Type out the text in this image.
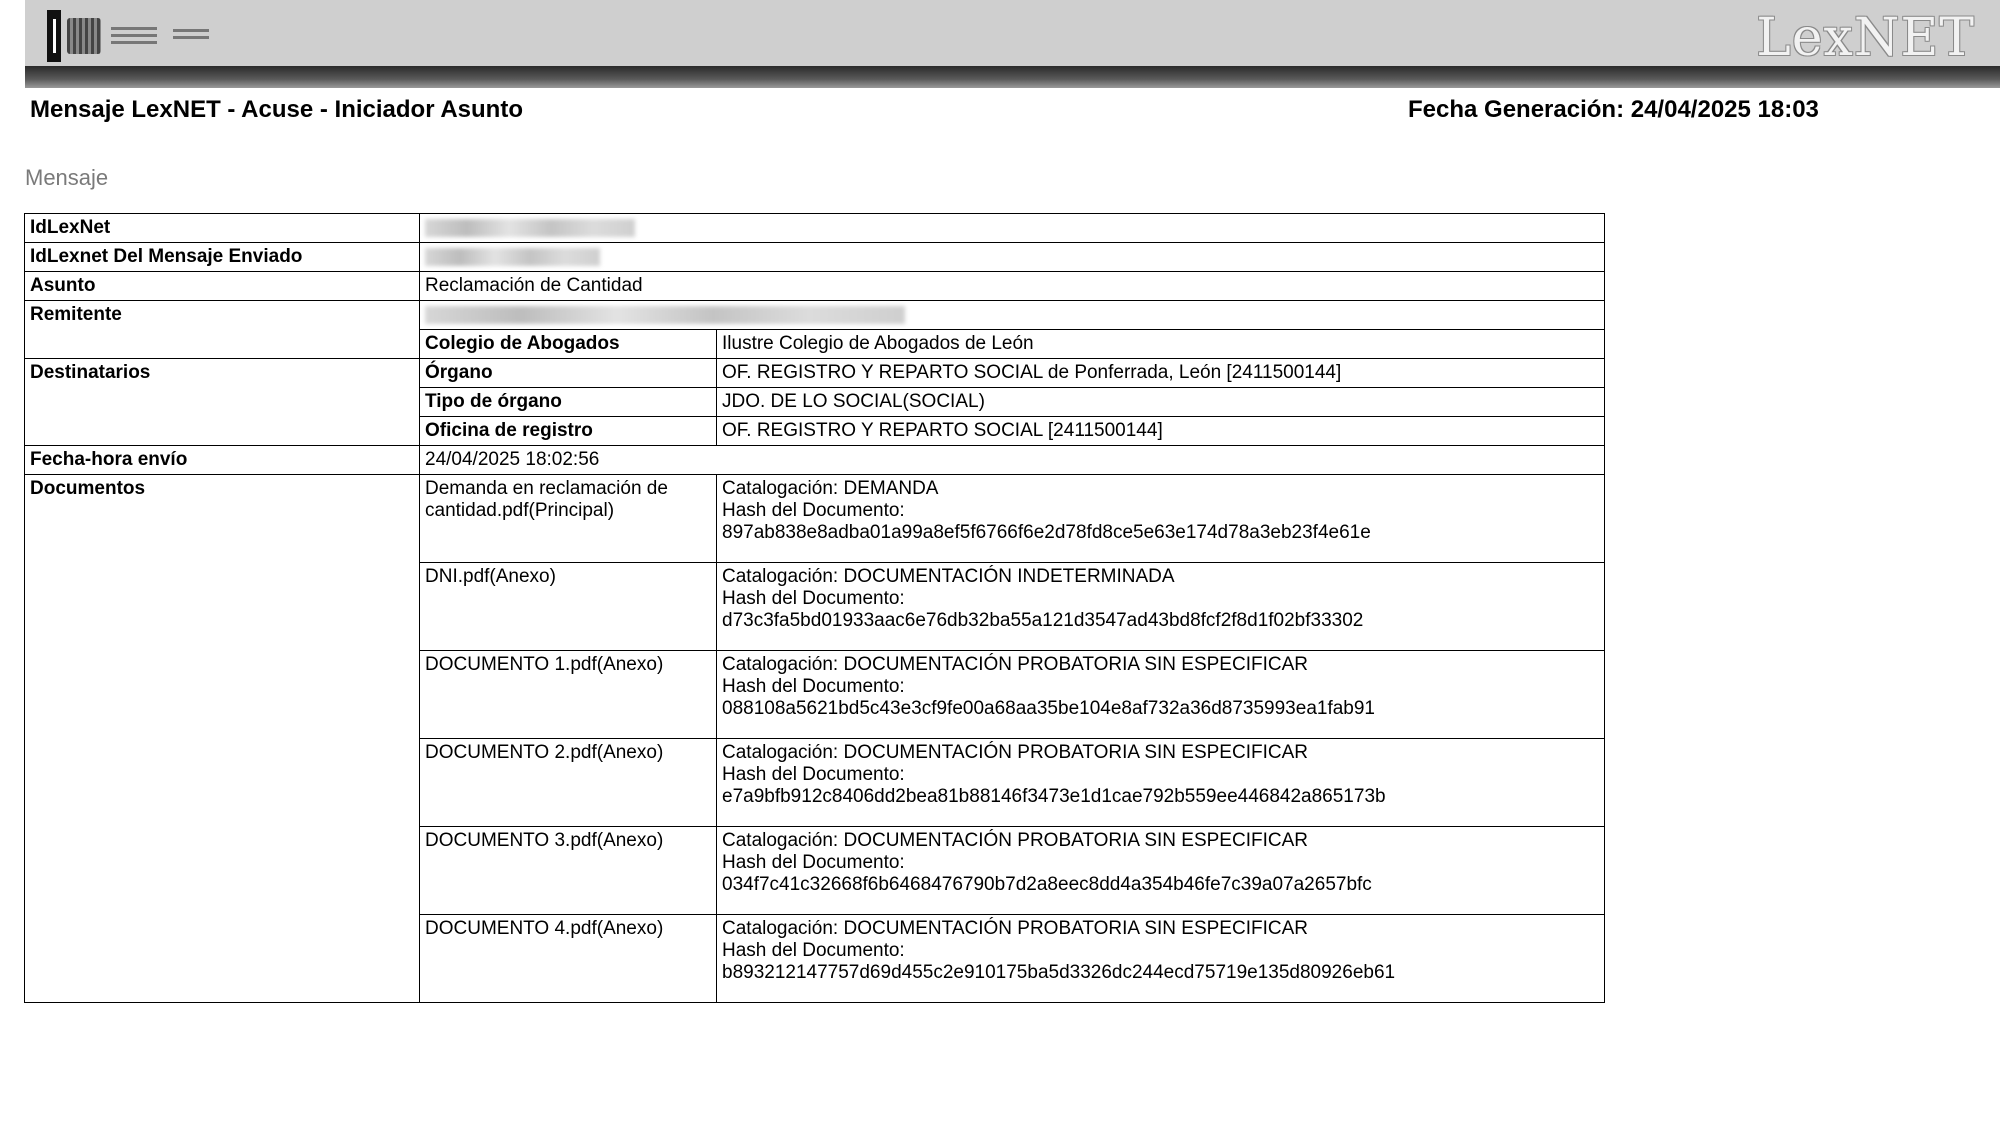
LexNET
Mensaje LexNET - Acuse - Iniciador Asunto	Fecha Generación: 24/04/2025 18:03
Mensaje
IdLexNet		
IdLexnet Del Mensaje Enviado		
Asunto	Reclamación de Cantidad	
Remitente		
	Colegio de Abogados	Ilustre Colegio de Abogados de León
Destinatarios	Órgano	OF. REGISTRO Y REPARTO SOCIAL de Ponferrada, León [2411500144]
	Tipo de órgano	JDO. DE LO SOCIAL(SOCIAL)
	Oficina de registro	OF. REGISTRO Y REPARTO SOCIAL [2411500144]
Fecha-hora envío	24/04/2025 18:02:56	
Documentos	Demanda en reclamación de cantidad.pdf(Principal)	Catalogación: DEMANDA
Hash del Documento:
897ab838e8adba01a99a8ef5f6766f6e2d78fd8ce5e63e174d78a3eb23f4e61e

	DNI.pdf(Anexo)	Catalogación: DOCUMENTACIÓN INDETERMINADA
Hash del Documento:
d73c3fa5bd01933aac6e76db32ba55a121d3547ad43bd8fcf2f8d1f02bf33302

	DOCUMENTO 1.pdf(Anexo)	Catalogación: DOCUMENTACIÓN PROBATORIA SIN ESPECIFICAR
Hash del Documento:
088108a5621bd5c43e3cf9fe00a68aa35be104e8af732a36d8735993ea1fab91

	DOCUMENTO 2.pdf(Anexo)	Catalogación: DOCUMENTACIÓN PROBATORIA SIN ESPECIFICAR
Hash del Documento:
e7a9bfb912c8406dd2bea81b88146f3473e1d1cae792b559ee446842a865173b

	DOCUMENTO 3.pdf(Anexo)	Catalogación: DOCUMENTACIÓN PROBATORIA SIN ESPECIFICAR
Hash del Documento:
034f7c41c32668f6b6468476790b7d2a8eec8dd4a354b46fe7c39a07a2657bfc

	DOCUMENTO 4.pdf(Anexo)	Catalogación: DOCUMENTACIÓN PROBATORIA SIN ESPECIFICAR
Hash del Documento:
b893212147757d69d455c2e910175ba5d3326dc244ecd75719e135d80926eb61
